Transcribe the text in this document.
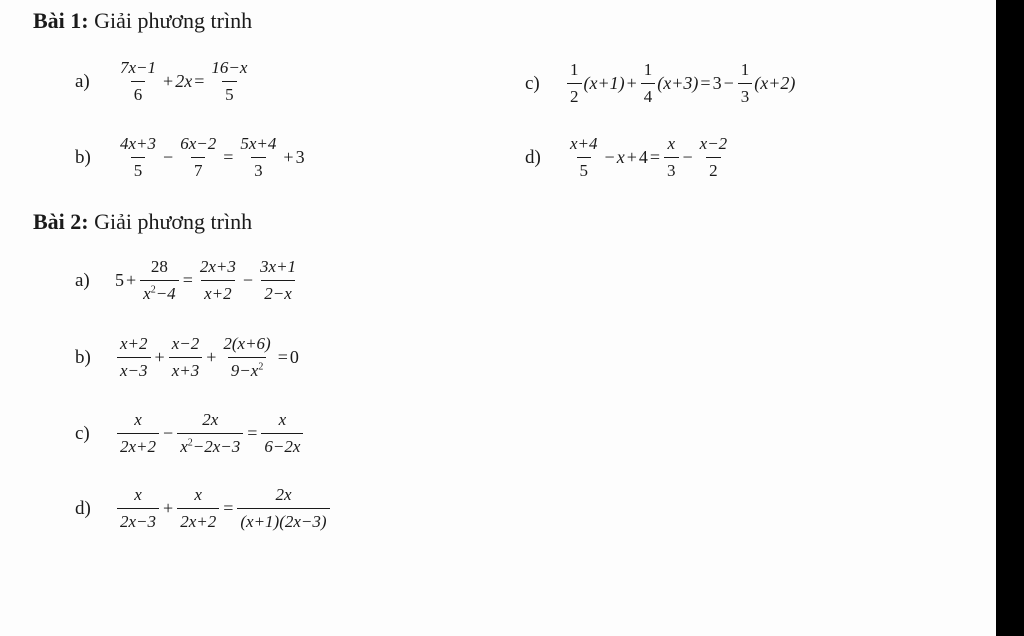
Bài 1: Giải phương trình
a)	$\frac{7x-1}{6} + 2x = \frac{16-x}{5}$
b)	$\frac{4x+3}{5} - \frac{6x-2}{7} = \frac{5x+4}{3} + 3$
c)	$\frac{1}{2} (x+1) + \frac{1}{4} (x+3) = 3 - \frac{1}{3} (x+2)$
d)	$\frac{x+4}{5} - x + 4 = \frac{x}{3} - \frac{x-2}{2}$
Bài 2: Giải phương trình
a)	$5 + \frac{28}{x^2-4} = \frac{2x+3}{x+2} - \frac{3x+1}{2-x}$
b)	$\frac{x+2}{x-3} + \frac{x-2}{x+3} + \frac{2(x+6)}{9-x^2} = 0$
c)	$\frac{x}{2x+2} - \frac{2x}{x^2-2x-3} = \frac{x}{6-2x}$
d)	$\frac{x}{2x-3} + \frac{x}{2x+2} = \frac{2x}{(x+1)(2x-3)}$
